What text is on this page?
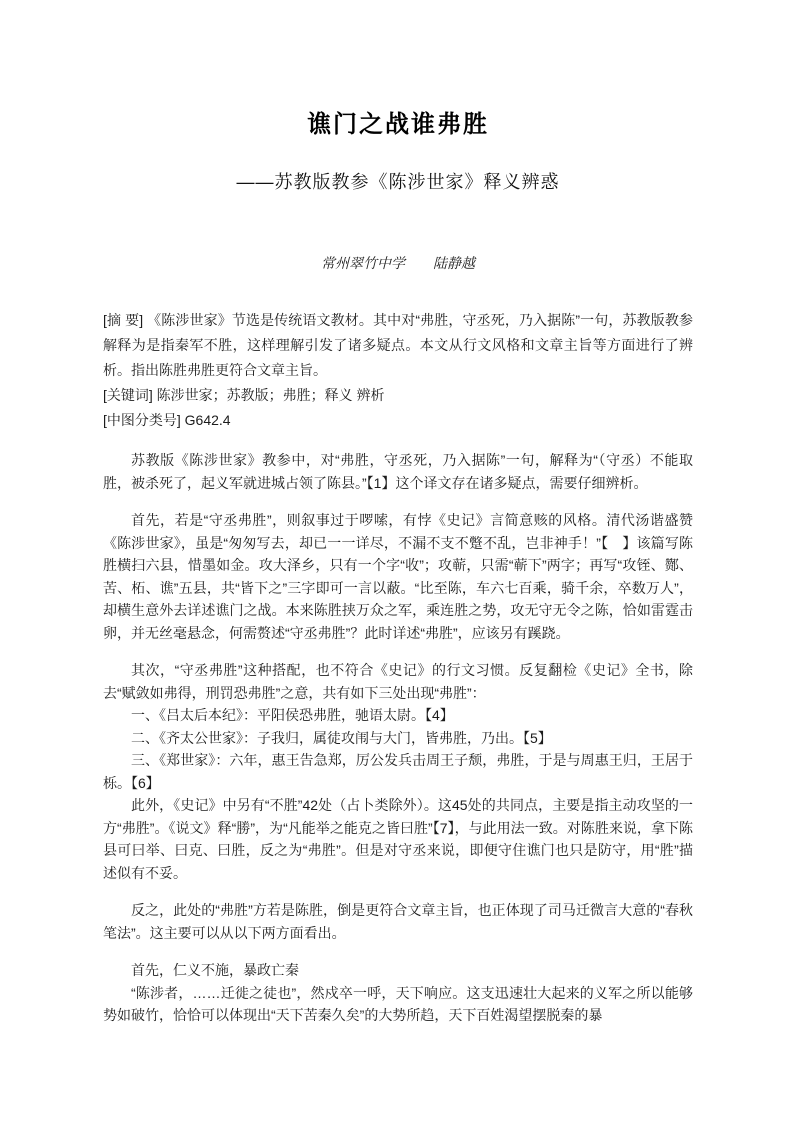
谯门之战谁弗胜
——苏教版教参《陈涉世家》释义辨惑
常州翠竹中学　　陆静越

[摘 要] 《陈涉世家》节选是传统语文教材。其中对“弗胜，守丞死，乃入据陈”一句，苏教版教参解释为是指秦军不胜，这样理解引发了诸多疑点。本文从行文风格和文章主旨等方面进行了辨析。指出陈胜弗胜更符合文章主旨。

[关键词] 陈涉世家；苏教版；弗胜；释义 辨析

[中图分类号] G642.4

苏教版《陈涉世家》教参中，对“弗胜，守丞死，乃入据陈”一句，解释为“（守丞）不能取胜，被杀死了，起义军就进城占领了陈县。”【1】这个译文存在诸多疑点，需要仔细辨析。

首先，若是“守丞弗胜”，则叙事过于啰嗦，有悖《史记》言简意赅的风格。清代汤谐盛赞《陈涉世家》，虽是“匆匆写去，却已一一详尽，不漏不支不蹩不乱，岂非神手！”【　】该篇写陈胜横扫六县，惜墨如金。攻大泽乡，只有一个字“收”；攻蕲，只需“蕲下”两字；再写“攻铚、酂、苦、柘、谯”五县，共“皆下之”三字即可一言以蔽。“比至陈，车六七百乘，骑千余，卒数万人”，却横生意外去详述谯门之战。本来陈胜挟万众之军，乘连胜之势，攻无守无令之陈，恰如雷霆击卵，并无丝毫悬念，何需赘述“守丞弗胜”？此时详述“弗胜”，应该另有蹊跷。

其次，“守丞弗胜”这种搭配，也不符合《史记》的行文习惯。反复翻检《史记》全书，除去“赋敛如弗得，刑罚恐弗胜”之意，共有如下三处出现“弗胜”：

一、《吕太后本纪》：平阳侯恐弗胜，驰语太尉。【4】

二、《齐太公世家》：子我归，属徒攻闱与大门，皆弗胜，乃出。【5】

三、《郑世家》：六年，惠王告急郑，厉公发兵击周王子颓，弗胜，于是与周惠王归，王居于栎。【6】

此外，《史记》中另有“不胜”42处（占卜类除外）。这45处的共同点，主要是指主动攻坚的一方“弗胜”。《说文》释“勝”，为“凡能举之能克之皆曰胜”【7】，与此用法一致。对陈胜来说，拿下陈县可曰举、曰克、曰胜，反之为“弗胜”。但是对守丞来说，即便守住谯门也只是防守，用“胜”描述似有不妥。

反之，此处的“弗胜”方若是陈胜，倒是更符合文章主旨，也正体现了司马迁微言大意的“春秋笔法”。这主要可以从以下两方面看出。

首先，仁义不施，暴政亡秦

“陈涉者，……迁徙之徒也”，然戍卒一呼，天下响应。这支迅速壮大起来的义军之所以能够势如破竹，恰恰可以体现出“天下苦秦久矣”的大势所趋，天下百姓渴望摆脱秦的暴
